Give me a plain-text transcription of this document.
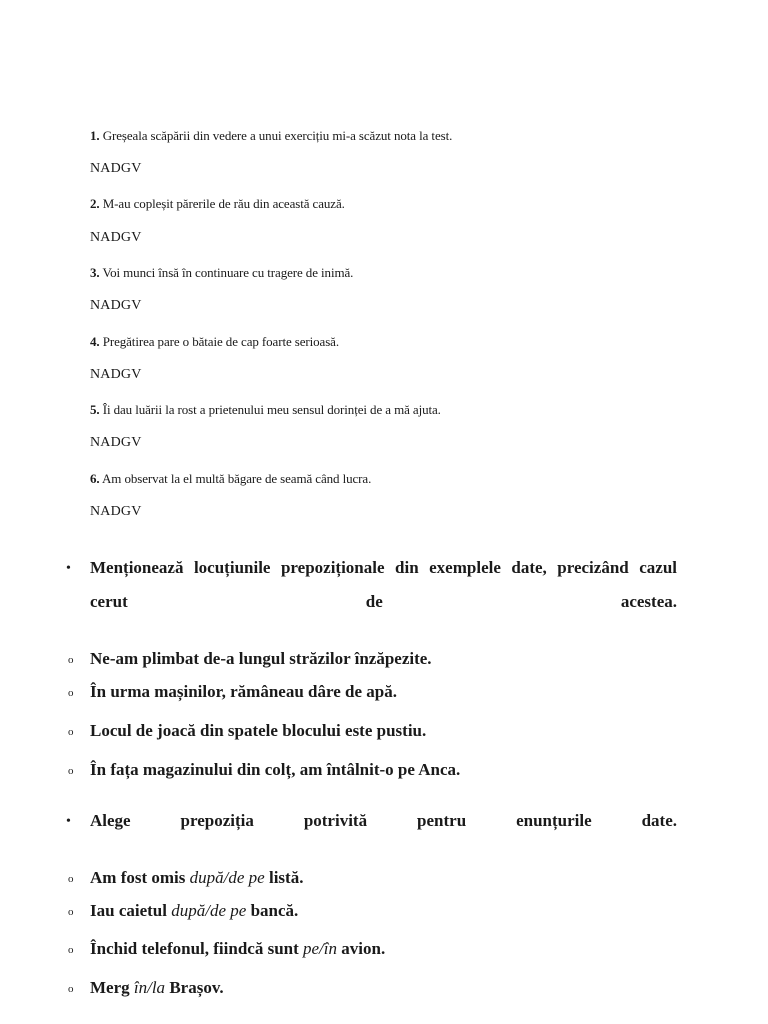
1. Greșeala scăpării din vedere a unui exercițiu mi-a scăzut nota la test.
NADGV
2. M-au copleșit părerile de rău din această cauză.
NADGV
3. Voi munci însă în continuare cu tragere de inimă.
NADGV
4. Pregătirea pare o bătaie de cap foarte serioasă.
NADGV
5. Îi dau luării la rost a prietenului meu sensul dorinței de a mă ajuta.
NADGV
6. Am observat la el multă băgare de seamă când lucra.
NADGV
• Menționează locuțiunile prepoziționale din exemplele date, precizând cazul
cerut de acestea.
o Ne-am plimbat de-a lungul străzilor înzăpezite.
o În urma mașinilor, rămâneau dâre de apă.
o Locul de joacă din spatele blocului este pustiu.
o În fața magazinului din colț, am întâlnit-o pe Anca.
• Alege prepoziția potrivită pentru enunțurile date.
o Am fost omis după/de pe listă.
o Iau caietul după/de pe bancă.
o Închid telefonul, fiindcă sunt pe/în avion.
o Merg în/la Brașov.
